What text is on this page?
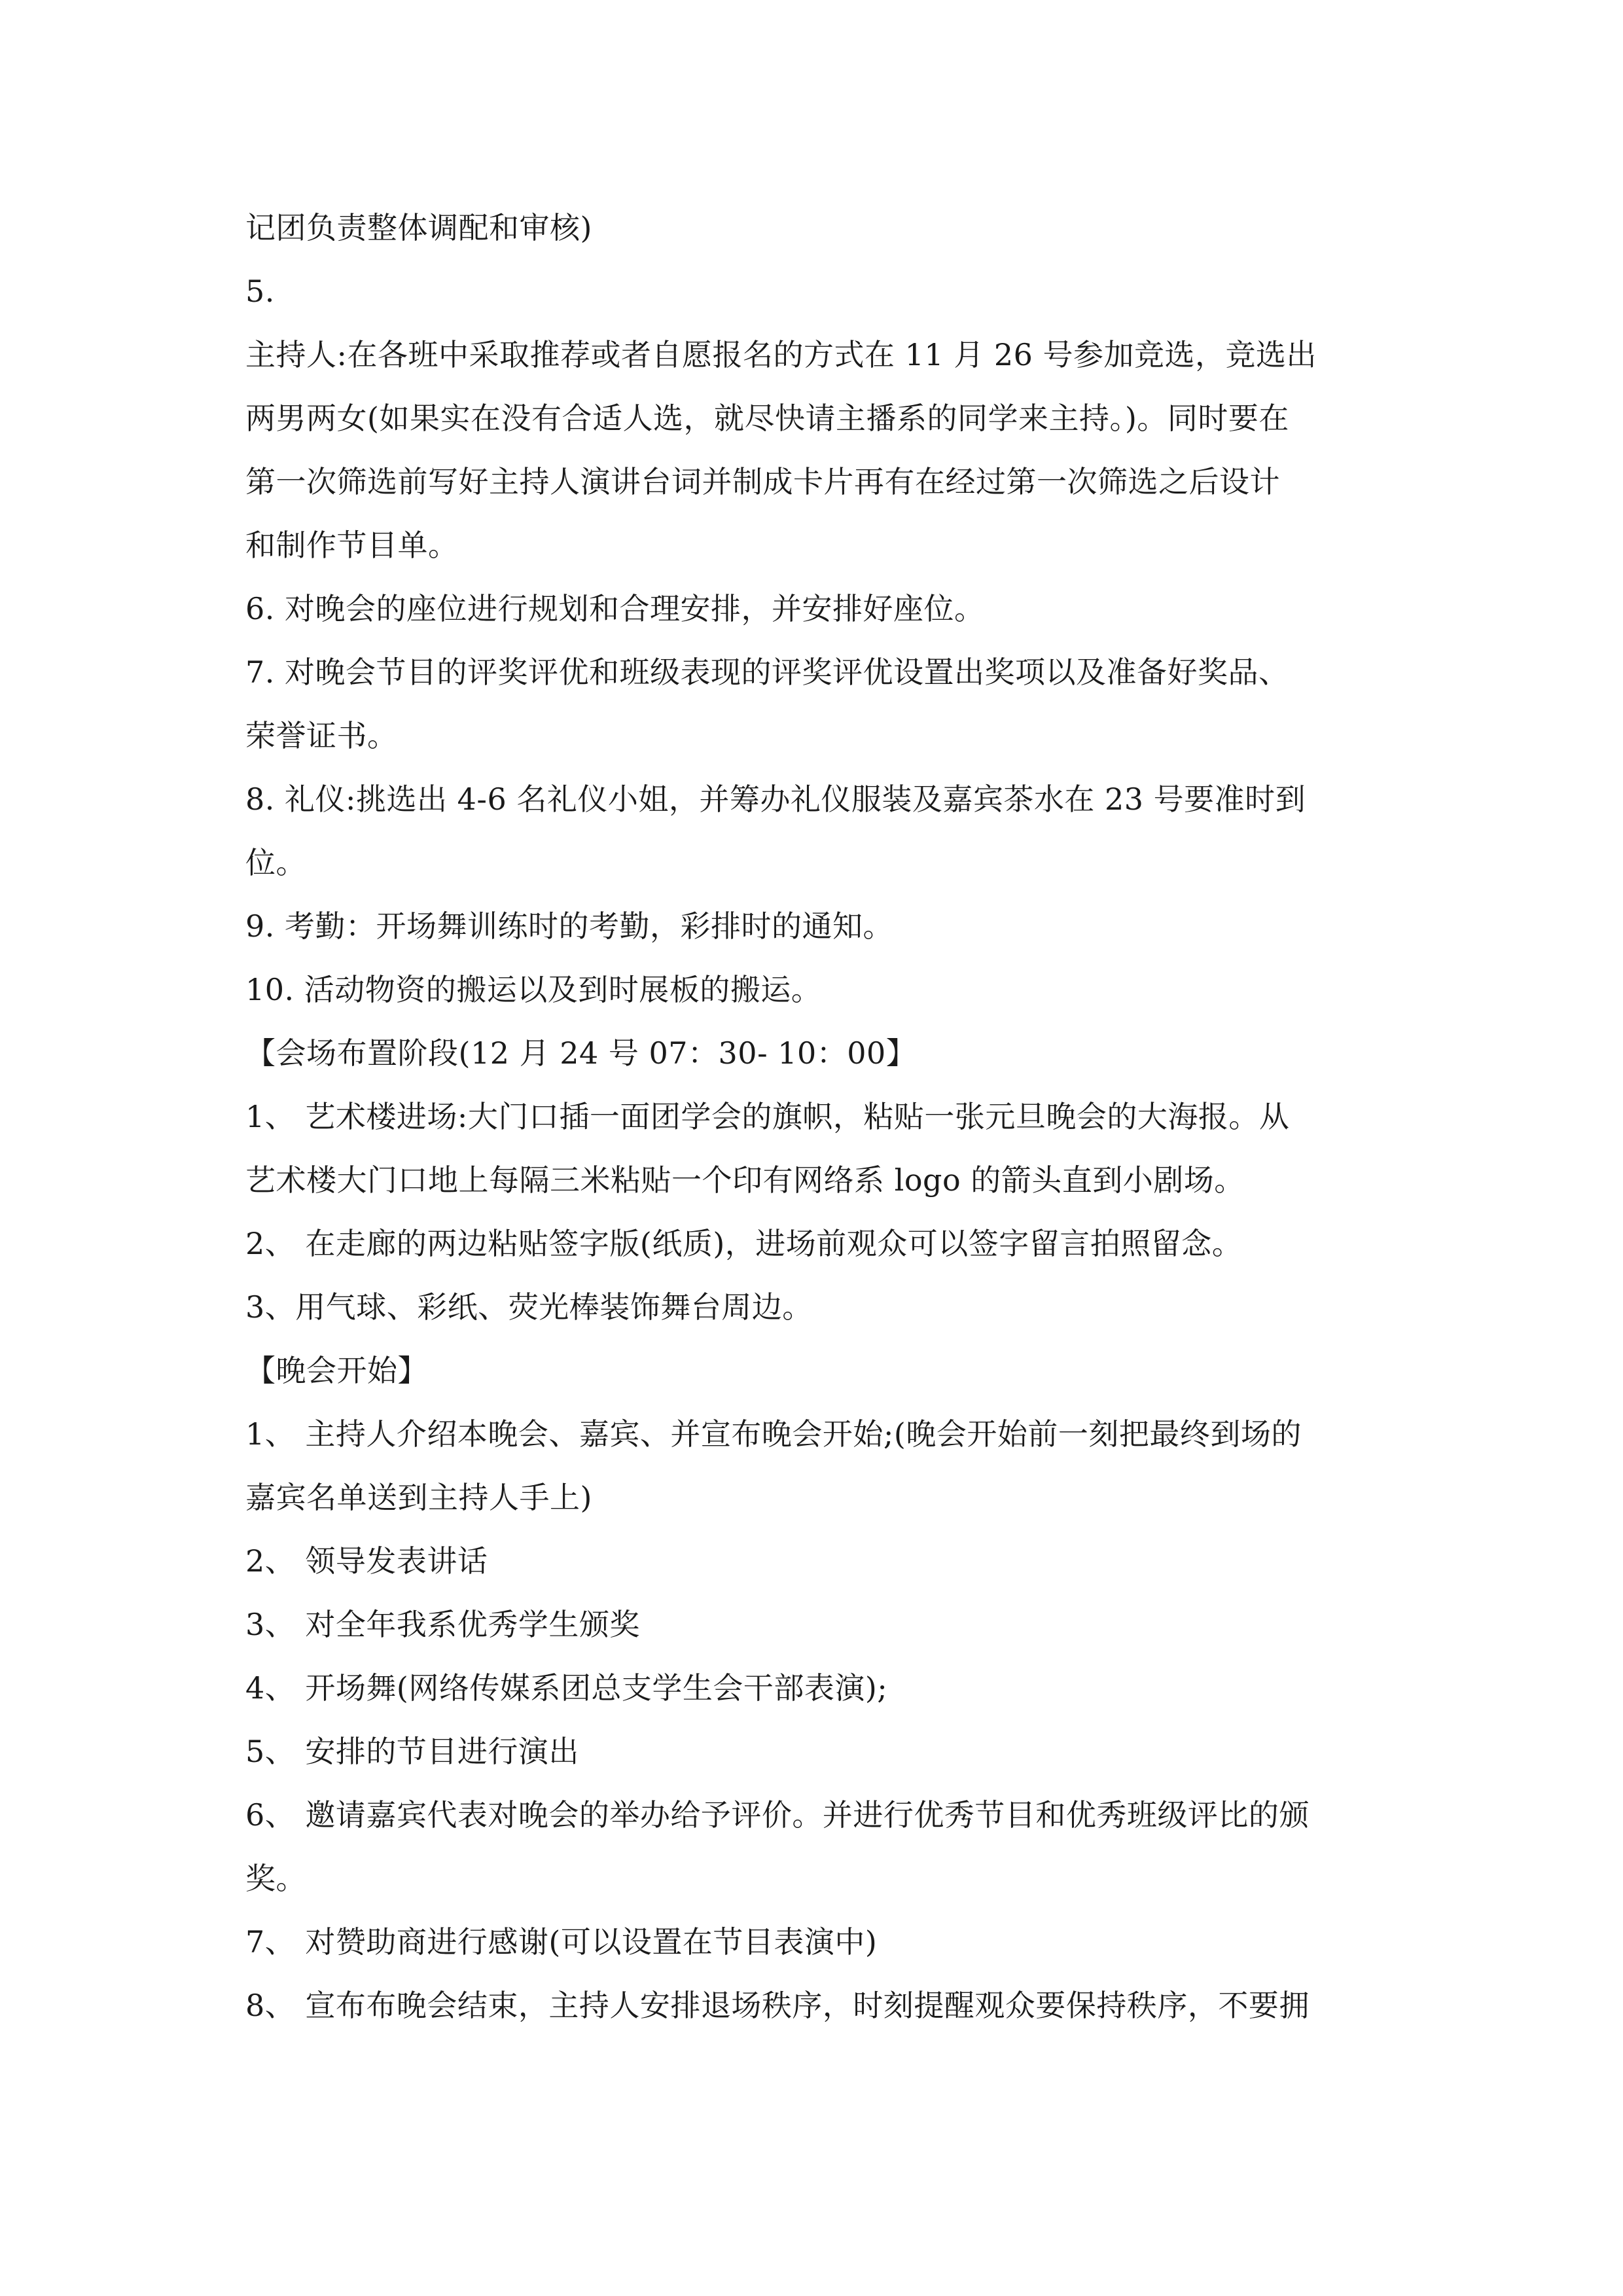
记团负责整体调配和审核)
5.
主持人:在各班中采取推荐或者自愿报名的方式在 11 月 26 号参加竞选，竞选出
两男两女(如果实在没有合适人选，就尽快请主播系的同学来主持。)。同时要在
第一次筛选前写好主持人演讲台词并制成卡片再有在经过第一次筛选之后设计
和制作节目单。
6. 对晚会的座位进行规划和合理安排，并安排好座位。
7. 对晚会节目的评奖评优和班级表现的评奖评优设置出奖项以及准备好奖品、
荣誉证书。
8. 礼仪:挑选出 4-6 名礼仪小姐，并筹办礼仪服装及嘉宾茶水在 23 号要准时到
位。
9. 考勤：开场舞训练时的考勤，彩排时的通知。
10. 活动物资的搬运以及到时展板的搬运。
【会场布置阶段(12 月 24 号 07：30- 10：00】
1、 艺术楼进场:大门口插一面团学会的旗帜，粘贴一张元旦晚会的大海报。从
艺术楼大门口地上每隔三米粘贴一个印有网络系 logo 的箭头直到小剧场。
2、 在走廊的两边粘贴签字版(纸质)，进场前观众可以签字留言拍照留念。
3、用气球、彩纸、荧光棒装饰舞台周边。
【晚会开始】
1、 主持人介绍本晚会、嘉宾、并宣布晚会开始;(晚会开始前一刻把最终到场的
嘉宾名单送到主持人手上)
2、 领导发表讲话
3、 对全年我系优秀学生颁奖
4、 开场舞(网络传媒系团总支学生会干部表演);
5、 安排的节目进行演出
6、 邀请嘉宾代表对晚会的举办给予评价。并进行优秀节目和优秀班级评比的颁
奖。
7、 对赞助商进行感谢(可以设置在节目表演中)
8、 宣布布晚会结束，主持人安排退场秩序，时刻提醒观众要保持秩序，不要拥
